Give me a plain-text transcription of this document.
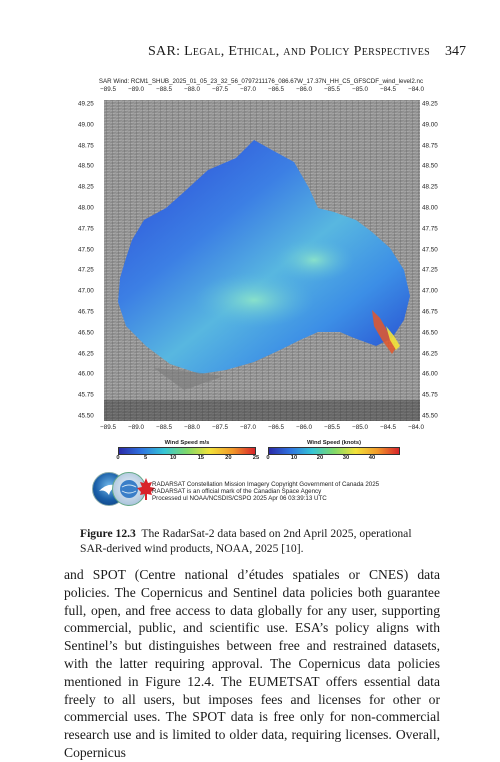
SAR: Legal, Ethical, and Policy Perspectives 347
SAR Wind: RCM1_SHUB_2025_01_05_23_32_56_0797211176_086.67W_17.37N_HH_C5_GFSCDF_wind_level2.nc
−89.5 −89.0 −88.5 −88.0 −87.5 −87.0 −86.5 −86.0 −85.5 −85.0 −84.5 −84.0
49.25
49.00
48.75
48.50
48.25
48.00
47.75
47.50
47.25
47.00
46.75
46.50
46.25
46.00
45.75
45.50
49.25
49.00
48.75
48.50
48.25
48.00
47.75
47.50
47.25
47.00
46.75
46.50
46.25
46.00
45.75
45.50
−89.5 −89.0 −88.5 −88.0 −87.5 −87.0 −86.5 −86.0 −85.5 −85.0 −84.5 −84.0
Wind Speed m/s
0	5	10	15	20	25
Wind Speed (knots)
0	10	20	30	40
RADARSAT Constellation Mission Imagery Copyright Government of Canada 2025
RADARSAT is an official mark of the Canadian Space Agency
Processed ul NOAA/NCSDIS/CSPO 2025 Apr 06 03:39:13 UTC
Figure 12.3 The RadarSat-2 data based on 2nd April 2025, operational SAR-derived wind products, NOAA, 2025 [10].

and SPOT (Centre national d’études spatiales or CNES) data policies. The Copernicus and Sentinel data policies both guarantee full, open, and free access to data globally for any user, supporting commercial, public, and scientific use. ESA’s policy aligns with Sentinel’s but distinguishes between free and restrained datasets, with the latter requiring approval. The Copernicus data policies mentioned in Figure 12.4. The EUMETSAT offers essential data freely to all users, but imposes fees and licenses for other or commercial uses. The SPOT data is free only for non-commercial research use and is limited to older data, requiring licenses. Overall, Copernicus
